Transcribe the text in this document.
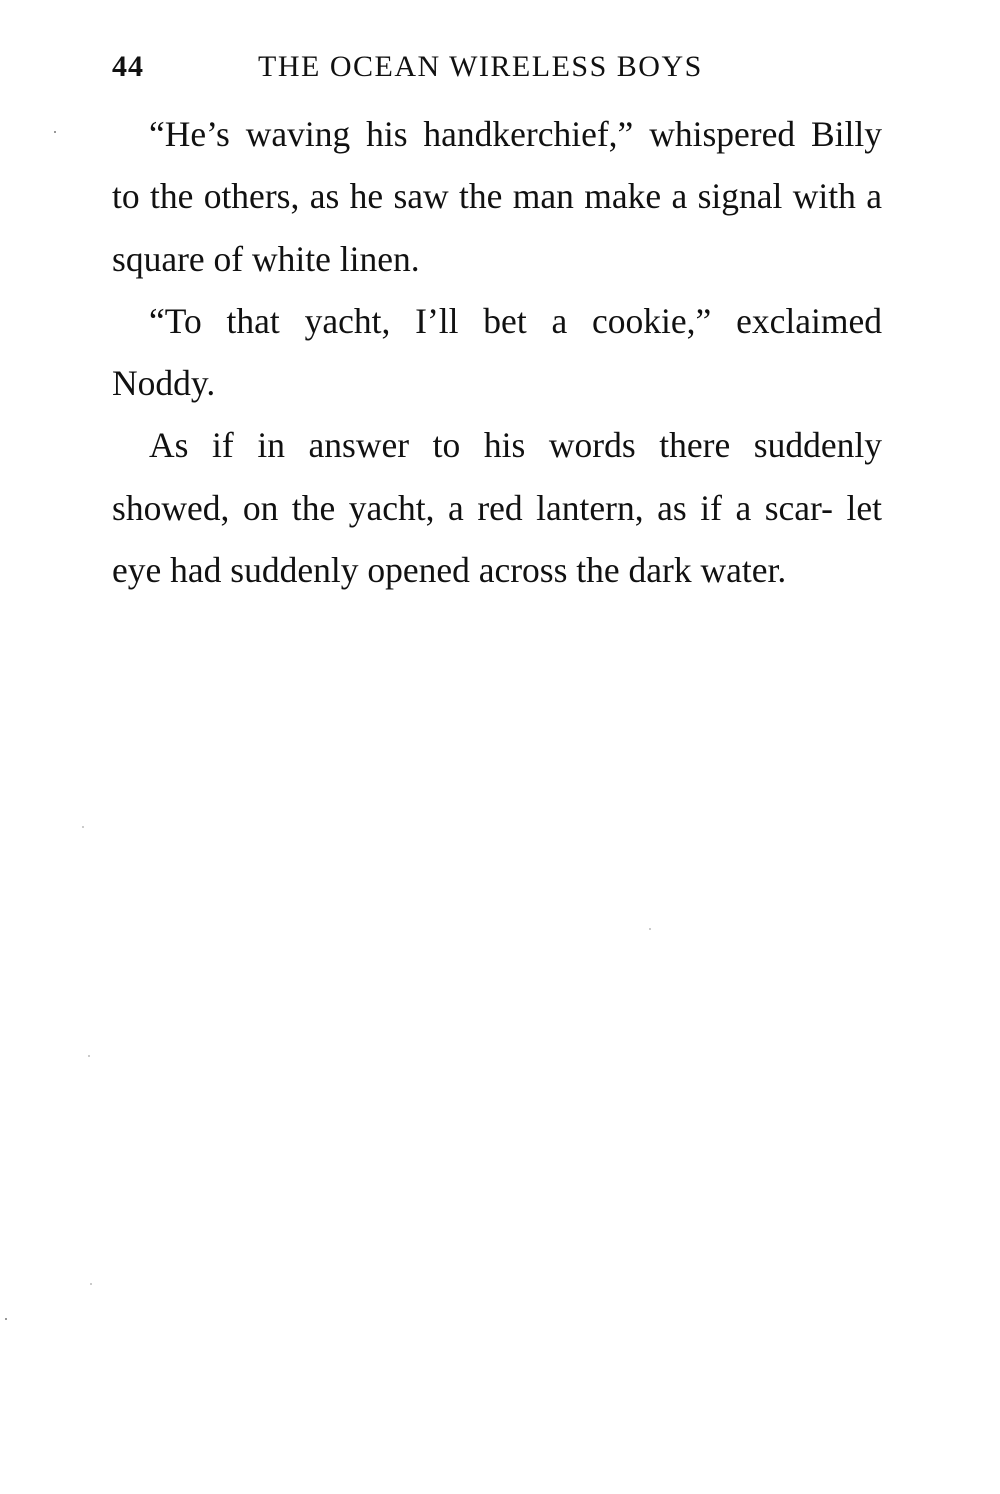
44	THE OCEAN WIRELESS BOYS

“He’s waving his handkerchief,” whispered Billy to the others, as he saw the man make a signal with a square of white linen.

“To that yacht, I’ll bet a cookie,” exclaimed Noddy.

As if in answer to his words there suddenly showed, on the yacht, a red lantern, as if a scar- let eye had suddenly opened across the dark water.
